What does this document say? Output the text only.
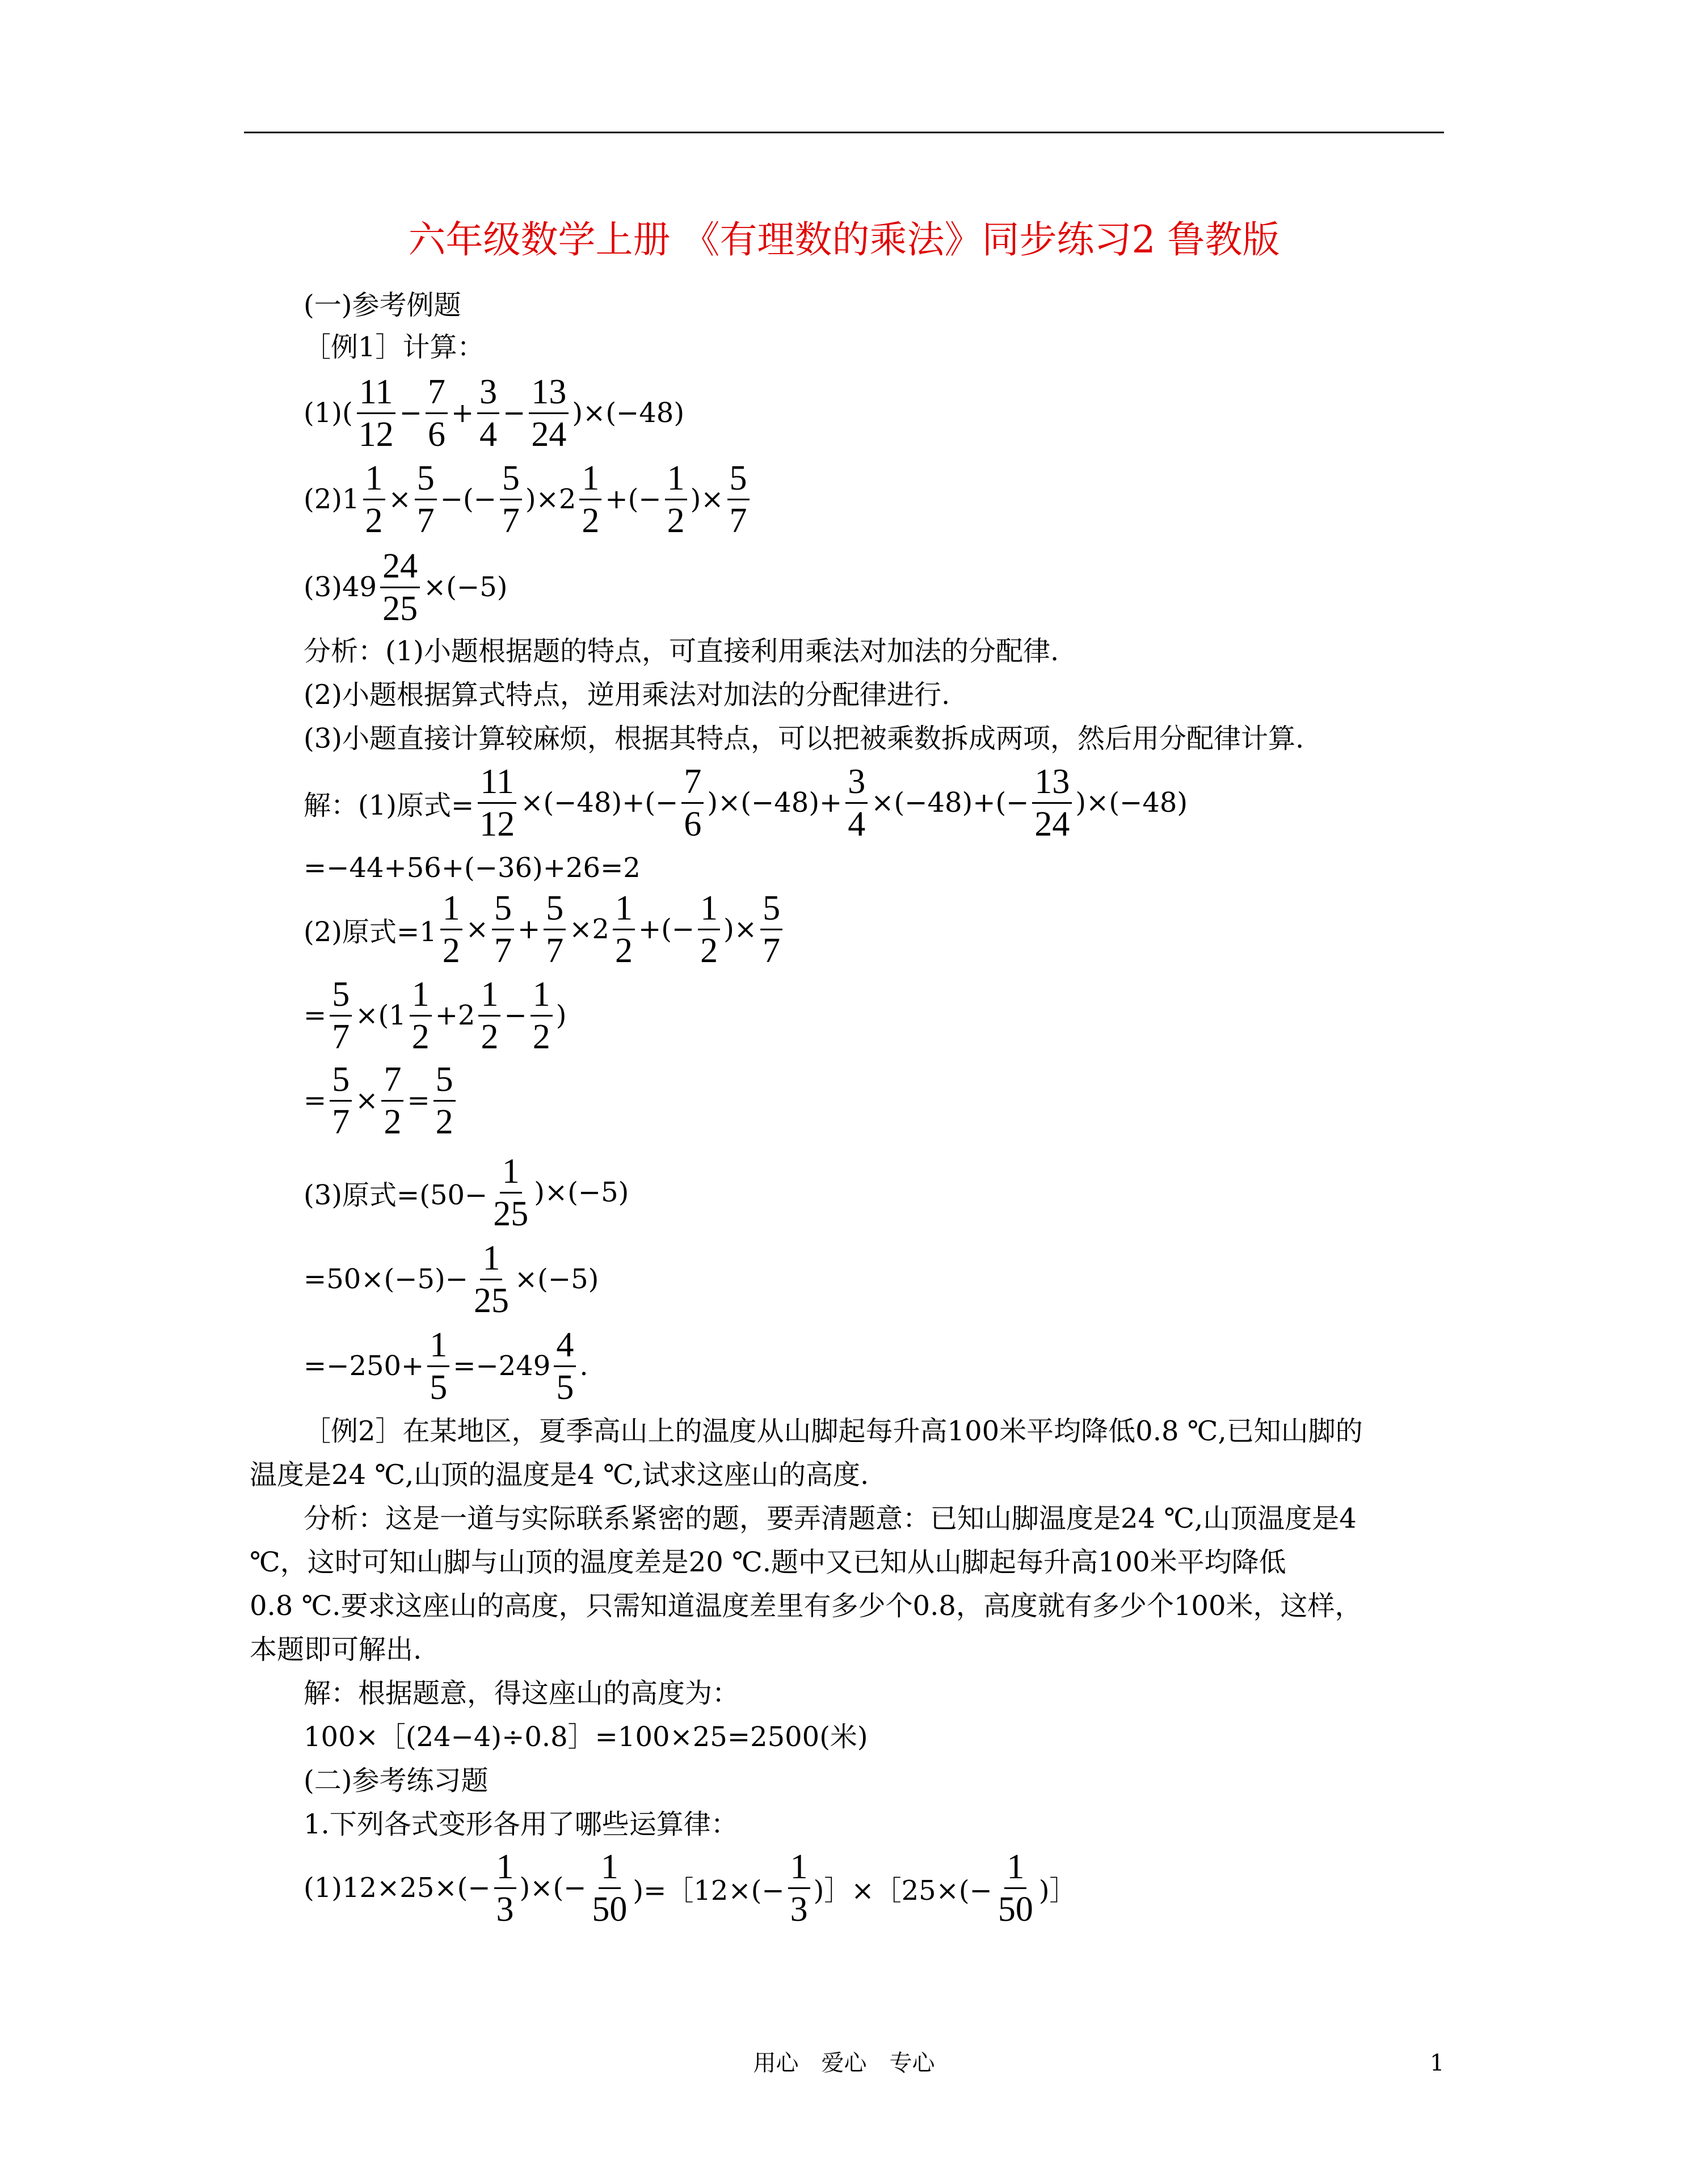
六年级数学上册 《有理数的乘法》同步练习2 鲁教版
(一)参考例题
［例1］计算：
$(1)( \frac{11}{12} - \frac{7}{6} + \frac{3}{4} - \frac{13}{24} )\times(-48)$
$(2)1 \frac{1}{2} \times \frac{5}{7}$ −(− $\frac{5}{7} )\times 2 \frac{1}{2}$ +(− $\frac{1}{2}$ )× $\frac{5}{7}$
$(3)49 \frac{24}{25} \times(-5)$
分析：(1)小题根据题的特点，可直接利用乘法对加法的分配律.
(2)小题根据算式特点，逆用乘法对加法的分配律进行.
(3)小题直接计算较麻烦，根据其特点，可以把被乘数拆成两项，然后用分配律计算.
解：(1)原式= $\frac{11}{12} \times(-48)+(- \frac{7}{6} )\times(-48)+ \frac{3}{4} \times(-48)+(- \frac{13}{24} )\times(-48)$
=−44+56+(−36)+26=2
(2)原式$=1 \frac{1}{2} \times \frac{5}{7} + \frac{5}{7} \times 2 \frac{1}{2}$ +(− $\frac{1}{2}$ )× $\frac{5}{7}$
= $\frac{5}{7} \times(1 \frac{1}{2} +2 \frac{1}{2} - \frac{1}{2}$ )
= $\frac{5}{7} \times \frac{7}{2} = \frac{5}{2}$
(3)原式$=(50- \frac{1}{25} )\times(-5)$
$=50\times(-5)- \frac{1}{25} \times(-5)$
$=-250+ \frac{1}{5} =-249 \frac{4}{5}$ .
［例2］在某地区，夏季高山上的温度从山脚起每升高100米平均降低0.8 ℃,已知山脚的
温度是24 ℃,山顶的温度是4 ℃,试求这座山的高度.
分析：这是一道与实际联系紧密的题，要弄清题意：已知山脚温度是24 ℃,山顶温度是4
℃，这时可知山脚与山顶的温度差是20 ℃.题中又已知从山脚起每升高100米平均降低
0.8 ℃.要求这座山的高度，只需知道温度差里有多少个0.8，高度就有多少个100米，这样，
本题即可解出.
解：根据题意，得这座山的高度为：
100×［(24−4)÷0.8］=100×25=2500(米)
(二)参考练习题
1.下列各式变形各用了哪些运算律：
$(1)12\times 25\times(- \frac{1}{3}$ )×(− $\frac{1}{50}$ )=［12×(− $\frac{1}{3}$ )］×［25×(− $\frac{1}{50}$ )］
用心　爱心　专心	1
